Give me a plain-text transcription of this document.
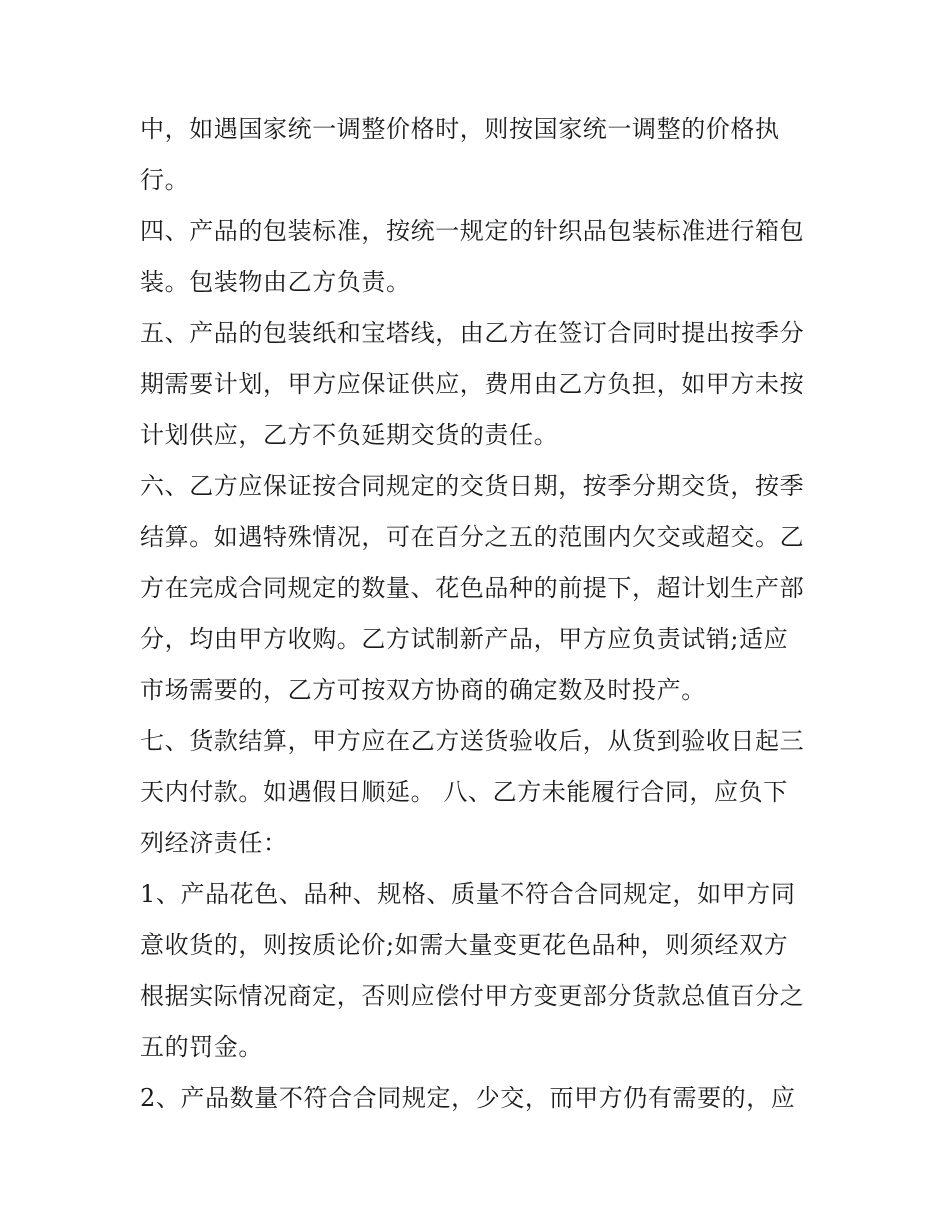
中，如遇国家统一调整价格时，则按国家统一调整的价格执
行。
四、产品的包装标准，按统一规定的针织品包装标准进行箱包
装。包装物由乙方负责。
五、产品的包装纸和宝塔线，由乙方在签订合同时提出按季分
期需要计划，甲方应保证供应，费用由乙方负担，如甲方未按
计划供应，乙方不负延期交货的责任。
六、乙方应保证按合同规定的交货日期，按季分期交货，按季
结算。如遇特殊情况，可在百分之五的范围内欠交或超交。乙
方在完成合同规定的数量、花色品种的前提下，超计划生产部
分，均由甲方收购。乙方试制新产品，甲方应负责试销;适应
市场需要的，乙方可按双方协商的确定数及时投产。
七、货款结算，甲方应在乙方送货验收后，从货到验收日起三
天内付款。如遇假日顺延。 八、乙方未能履行合同，应负下
列经济责任：
1、产品花色、品种、规格、质量不符合合同规定，如甲方同
意收货的，则按质论价;如需大量变更花色品种，则须经双方
根据实际情况商定，否则应偿付甲方变更部分货款总值百分之
五的罚金。
2、产品数量不符合合同规定，少交，而甲方仍有需要的，应
